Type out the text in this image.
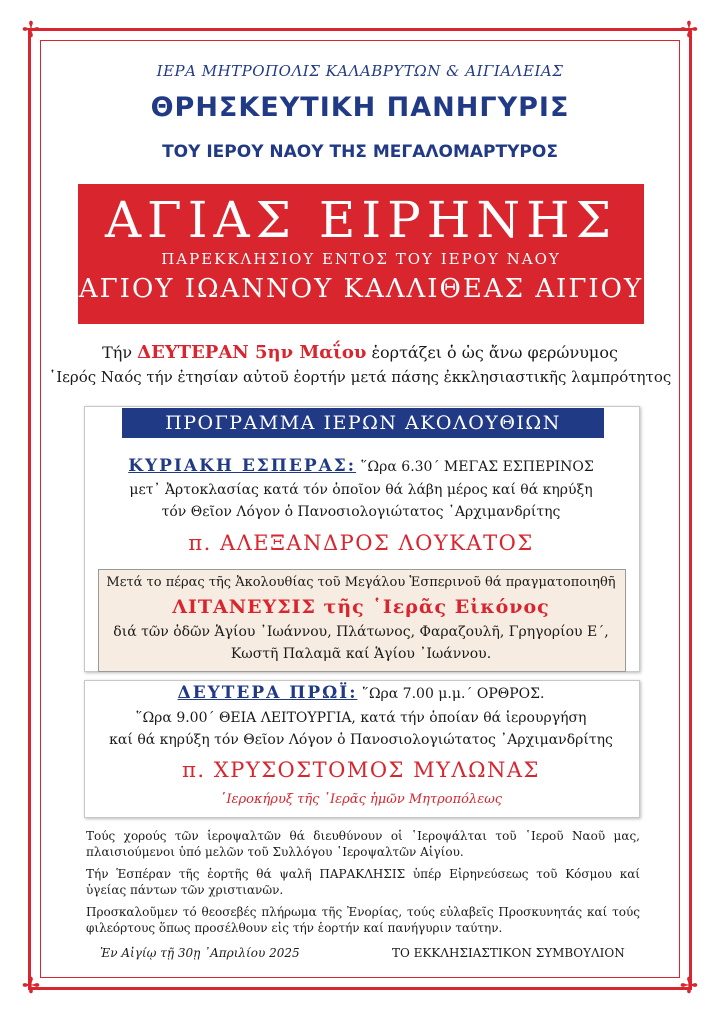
✢	✢
✢	✢
ΙΕΡΑ ΜΗΤΡΟΠΟΛΙΣ ΚΑΛΑΒΡΥΤΩΝ & ΑΙΓΙΑΛΕΙΑΣ
ΘΡΗΣΚΕΥΤΙΚΗ ΠΑΝΗΓΥΡΙΣ
ΤΟΥ ΙΕΡΟΥ ΝΑΟΥ ΤΗΣ ΜΕΓΑΛΟΜΑΡΤΥΡΟΣ
ΑΓΙΑΣ ΕΙΡΗΝΗΣ
ΠΑΡΕΚΚΛΗΣΙΟΥ ΕΝΤΟΣ ΤΟΥ ΙΕΡΟΥ ΝΑΟΥ
ΑΓΙΟΥ ΙΩΑΝΝΟΥ ΚΑΛΛΙΘΕΑΣ ΑΙΓΙΟΥ
Τήν ΔΕΥΤΕΡΑΝ 5ην Μαΐου ἑορτάζει ὁ ὡς ἄνω φερώνυμος
῾Ιερός Ναός τήν ἐτησίαν αὐτοῦ ἑορτήν μετά πάσης ἐκκλησιαστικῆς λαμπρότητος
ΠΡΟΓΡΑΜΜΑ ΙΕΡΩΝ ΑΚΟΛΟΥΘΙΩΝ
ΚΥΡΙΑΚΗ ΕΣΠΕΡΑΣ: ῞Ωρα 6.30΄ ΜΕΓΑΣ ΕΣΠΕΡΙΝΟΣ
μετ᾽ Ἀρτοκλασίας κατά τόν ὁποῖον θά λάβη μέρος καί θά κηρύξη
τόν Θεῖον Λόγον ὁ Πανοσιολογιώτατος ᾽Αρχιμανδρίτης
π. ΑΛΕΞΑΝΔΡΟΣ ΛΟΥΚΑΤΟΣ
Μετά το πέρας τῆς Ἀκολουθίας τοῦ Μεγάλου Ἑσπερινοῦ θά πραγματοποιηθῆ
ΛΙΤΑΝΕΥΣΙΣ τῆς ῾Ιερᾶς Εἰκόνος
διά τῶν ὁδῶν Ἁγίου ᾽Ιωάννου, Πλάτωνος, Φαραζουλῆ, Γρηγορίου Ε΄,
Κωστῆ Παλαμᾶ καί Ἁγίου ᾽Ιωάννου.
ΔΕΥΤΕΡΑ ΠΡΩΪ: ῞Ωρα 7.00 μ.μ.΄ ΟΡΘΡΟΣ.
῞Ωρα 9.00΄ ΘΕΙΑ ΛΕΙΤΟΥΡΓΙΑ, κατά τήν ὁποίαν θά ἱερουργήση
καί θά κηρύξη τόν Θεῖον Λόγον ὁ Πανοσιολογιώτατος ᾽Αρχιμανδρίτης
π. ΧΡΥΣΟΣΤΟΜΟΣ ΜΥΛΩΝΑΣ
῾Ιεροκήρυξ τῆς ῾Ιερᾶς ἡμῶν Μητροπόλεως
Τούς χορούς τῶν ἱεροψαλτῶν θά διευθύνουν οἱ ῾Ιεροψάλται τοῦ ῾Ιεροῦ Ναοῦ μας, πλαισιούμενοι ὑπό μελῶν τοῦ Συλλόγου ῾Ιεροψαλτῶν Αἰγίου.
Τήν Ἑσπέραν τῆς ἑορτῆς θά ψαλῆ ΠΑΡΑΚΛΗΣΙΣ ὑπέρ Εἰρηνεύσεως τοῦ Κόσμου καί ὑγείας πάντων τῶν χριστιανῶν.
Προσκαλοῦμεν τό θεοσεβές πλήρωμα τῆς Ἐνορίας, τούς εὐλαβεῖς Προσκυνητάς καί τούς φιλεόρτους ὅπως προσέλθουν εἰς τήν ἑορτήν καί πανήγυριν ταύτην.
Ἐν Αἰγίῳ τῇ 30ῃ ᾽Απριλίου 2025	ΤΟ ΕΚΚΛΗΣΙΑΣΤΙΚΟΝ ΣΥΜΒΟΥΛΙΟΝ
